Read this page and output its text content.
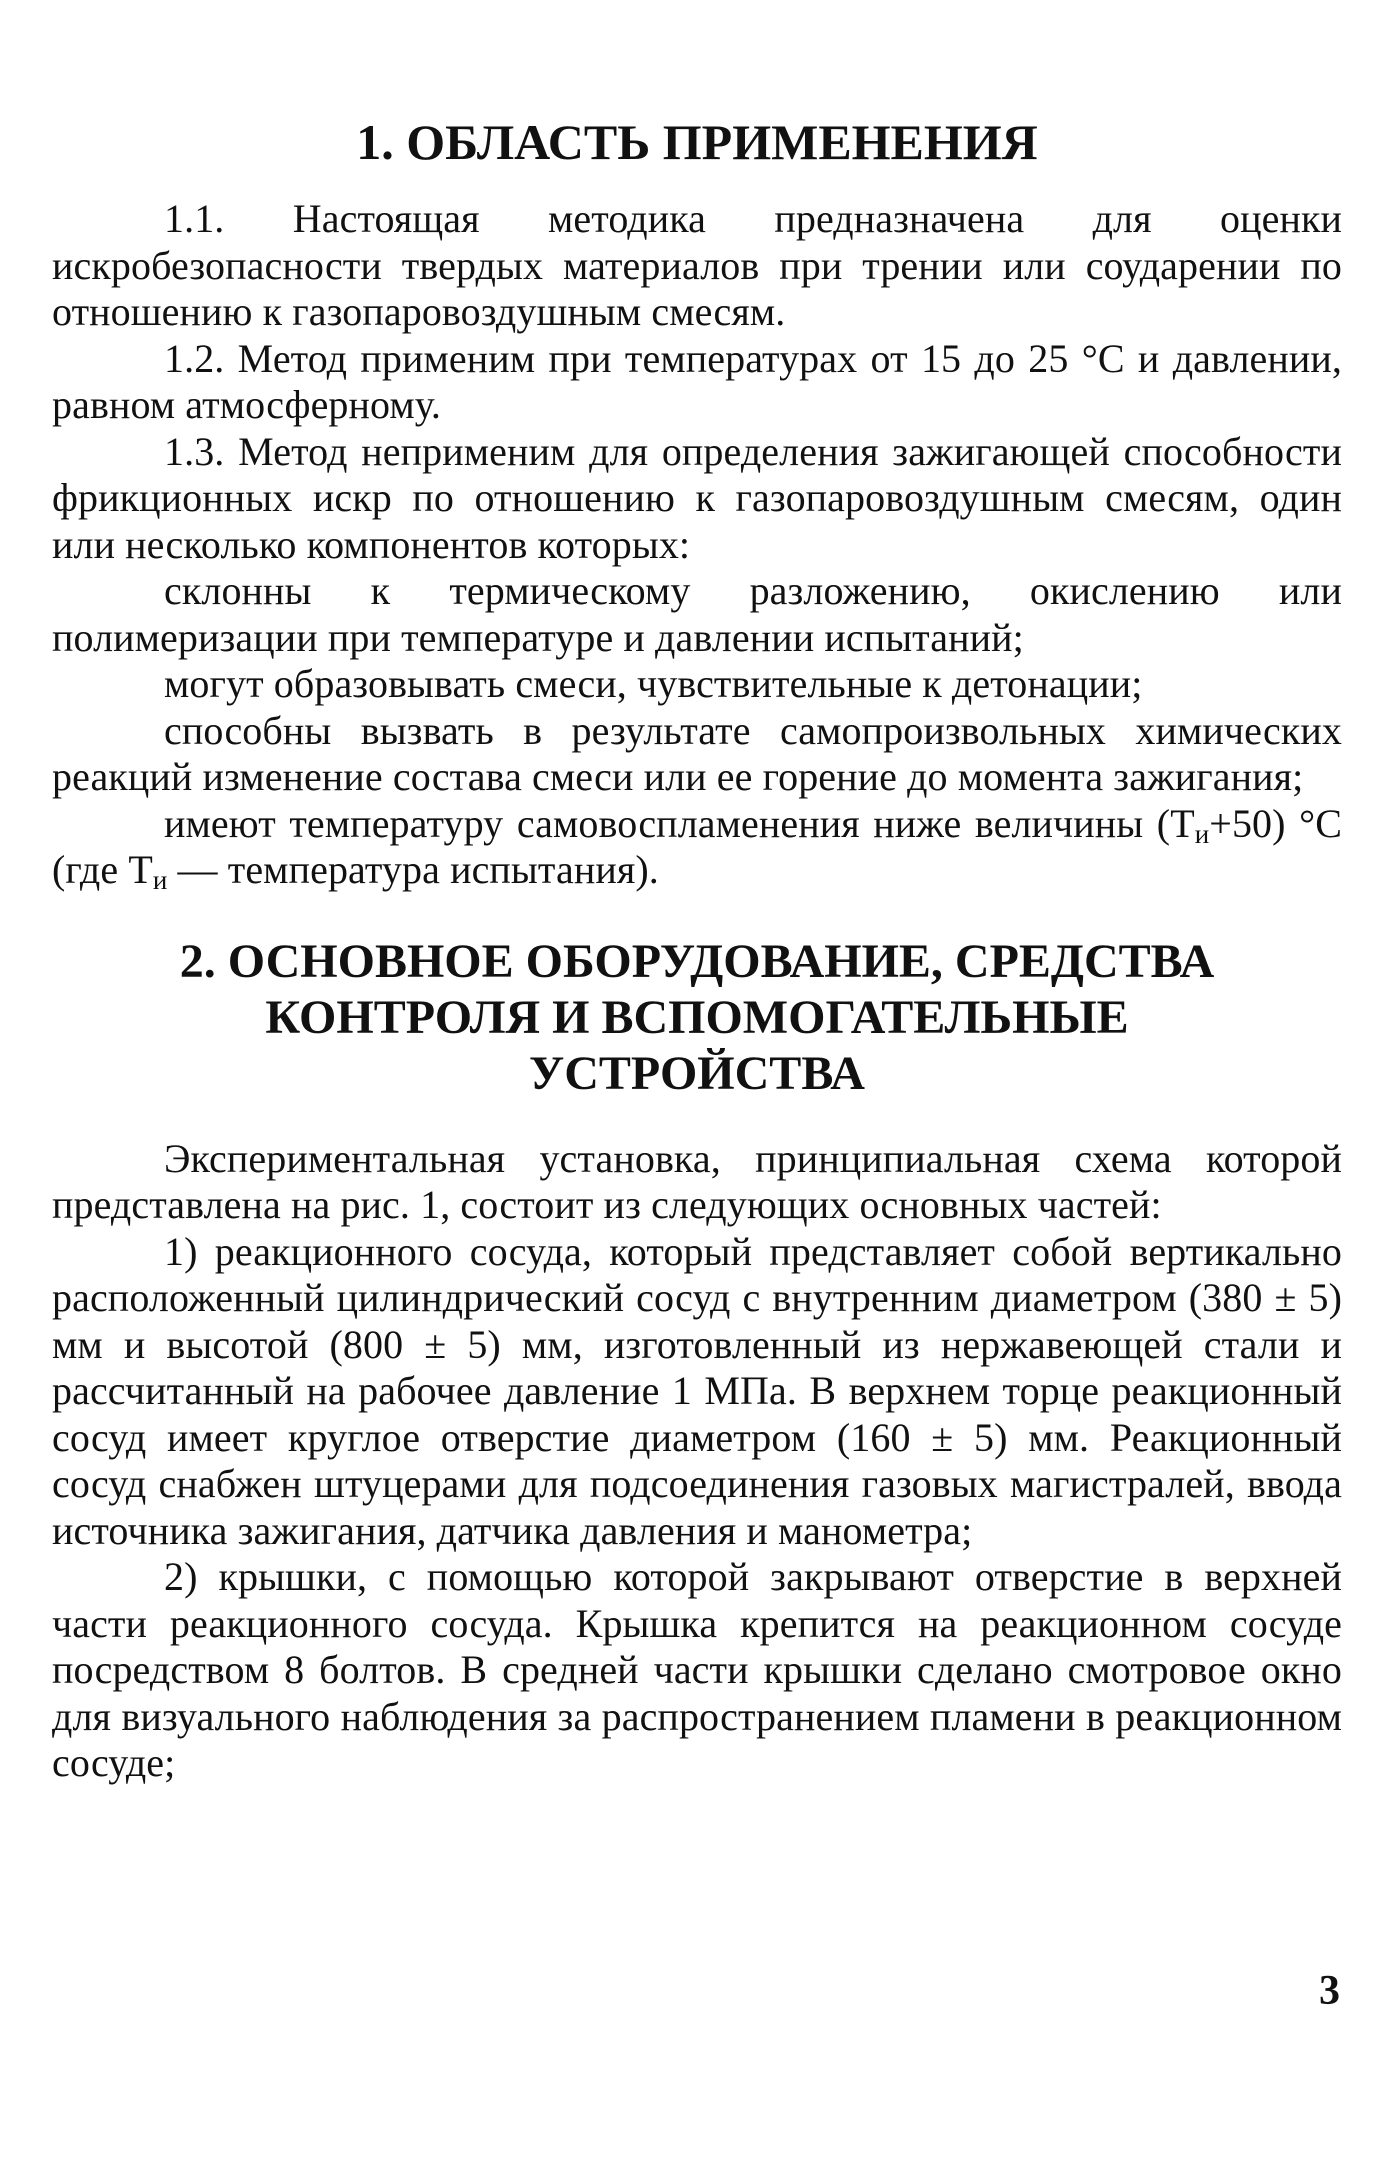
1. ОБЛАСТЬ ПРИМЕНЕНИЯ

1.1. Настоящая методика предназначена для оценки искробезопасности твердых материалов при трении или соударении по отношению к газопаровоздушным смесям.

1.2. Метод применим при температурах от 15 до 25 °С и давлении, равном атмосферному.

1.3. Метод неприменим для определения зажигающей способности фрикционных искр по отношению к газопаровоздушным смесям, один или несколько компонентов которых:

склонны к термическому разложению, окислению или полимеризации при температуре и давлении испытаний;

могут образовывать смеси, чувствительные к детонации;

способны вызвать в результате самопроизвольных химических реакций изменение состава смеси или ее горение до момента зажигания;

имеют температуру самовоспламенения ниже величины $(Т_и+50)$ °С (где $Т_и$ — температура испытания).

2. ОСНОВНОЕ ОБОРУДОВАНИЕ, СРЕДСТВА
КОНТРОЛЯ И ВСПОМОГАТЕЛЬНЫЕ
УСТРОЙСТВА

Экспериментальная установка, принципиальная схема которой представлена на рис. 1, состоит из следующих основных частей:

1) реакционного сосуда, который представляет собой вертикально расположенный цилиндрический сосуд с внутренним диаметром (380 ± 5) мм и высотой (800 ± 5) мм, изготовленный из нержавеющей стали и рассчитанный на рабочее давление 1 МПа. В верхнем торце реакционный сосуд имеет круглое отверстие диаметром (160 ± 5) мм. Реакционный сосуд снабжен штуцерами для подсоединения газовых магистралей, ввода источника зажигания, датчика давления и манометра;

2) крышки, с помощью которой закрывают отверстие в верхней части реакционного сосуда. Крышка крепится на реакционном сосуде посредством 8 болтов. В средней части крышки сделано смотровое окно для визуального наблюдения за распространением пламени в реакционном сосуде;

3
